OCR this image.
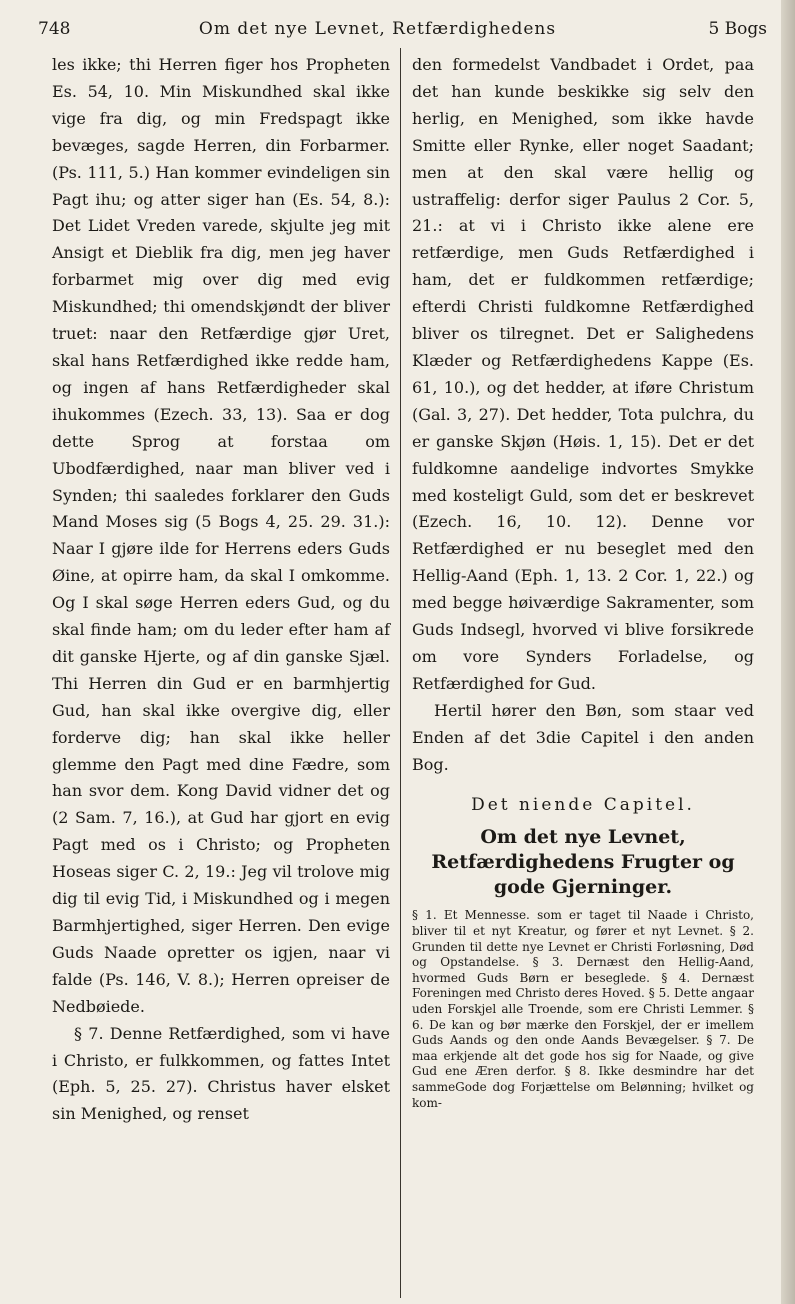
748	Om det nye Levnet, Retfærdighedens	5 Bogs

les ikke; thi Herren figer hos Propheten Es. 54, 10. Min Miskundhed skal ikke vige fra dig, og min Fredspagt ikke bevæges, sagde Herren, din Forbarmer. (Ps. 111, 5.) Han kommer evindeligen sin Pagt ihu; og atter siger han (Es. 54, 8.): Det Lidet Vreden varede, skjulte jeg mit Ansigt et Dieblik fra dig, men jeg haver forbarmet mig over dig med evig Miskundhed; thi omendskjøndt der bliver truet: naar den Retfærdige gjør Uret, skal hans Retfærdighed ikke redde ham, og ingen af hans Retfærdigheder skal ihukommes (Ezech. 33, 13). Saa er dog dette Sprog at forstaa om Ubodfærdighed, naar man bliver ved i Synden; thi saaledes forklarer den Guds Mand Moses sig (5 Bogs 4, 25. 29. 31.): Naar I gjøre ilde for Herrens eders Guds Øine, at opirre ham, da skal I omkomme. Og I skal søge Herren eders Gud, og du skal finde ham; om du leder efter ham af dit ganske Hjerte, og af din ganske Sjæl. Thi Herren din Gud er en barmhjertig Gud, han skal ikke overgive dig, eller forderve dig; han skal ikke heller glemme den Pagt med dine Fædre, som han svor dem. Kong David vidner det og (2 Sam. 7, 16.), at Gud har gjort en evig Pagt med os i Christo; og Propheten Hoseas siger C. 2, 19.: Jeg vil trolove mig dig til evig Tid, i Miskundhed og i megen Barmhjertighed, siger Herren. Den evige Guds Naade opretter os igjen, naar vi falde (Ps. 146, V. 8.); Herren opreiser de Nedbøiede.

§ 7. Denne Retfærdighed, som vi have i Christo, er fulkkommen, og fattes Intet (Eph. 5, 25. 27). Christus haver elsket sin Menighed, og renset

den formedelst Vandbadet i Ordet, paa det han kunde beskikke sig selv den herlig, en Menighed, som ikke havde Smitte eller Rynke, eller noget Saadant; men at den skal være hellig og ustraffelig: derfor siger Paulus 2 Cor. 5, 21.: at vi i Christo ikke alene ere retfærdige, men Guds Retfærdighed i ham, det er fuldkommen retfærdige; efterdi Christi fuldkomne Retfærdighed bliver os tilregnet. Det er Salighedens Klæder og Retfærdighedens Kappe (Es. 61, 10.), og det hedder, at iføre Christum (Gal. 3, 27). Det hedder, Tota pulchra, du er ganske Skjøn (Høis. 1, 15). Det er det fuldkomne aandelige indvortes Smykke med kosteligt Guld, som det er beskrevet (Ezech. 16, 10. 12). Denne vor Retfærdighed er nu beseglet med den Hellig-Aand (Eph. 1, 13. 2 Cor. 1, 22.) og med begge høiværdige Sakramenter, som Guds Indsegl, hvorved vi blive forsikrede om vore Synders Forladelse, og Retfærdighed for Gud.

Hertil hører den Bøn, som staar ved Enden af det 3die Capitel i den anden Bog.

Det niende Capitel.
Om det nye Levnet, Retfærdighedens Frugter og gode Gjerninger.
§ 1. Et Mennesse. som er taget til Naade i Christo, bliver til et nyt Kreatur, og fører et nyt Levnet. § 2. Grunden til dette nye Levnet er Christi Forløsning, Død og Opstandelse. § 3. Dernæst den Hellig-Aand, hvormed Guds Børn er beseglede. § 4. Dernæst Foreningen med Christo deres Hoved. § 5. Dette angaar uden Forskjel alle Troende, som ere Christi Lemmer. § 6. De kan og bør mærke den Forskjel, der er imellem Guds Aands og den onde Aands Bevægelser. § 7. De maa erkjende alt det gode hos sig for Naade, og give Gud ene Æren derfor. § 8. Ikke desmindre har det sammeGode dog Forjættelse om Belønning; hvilket og kom-
